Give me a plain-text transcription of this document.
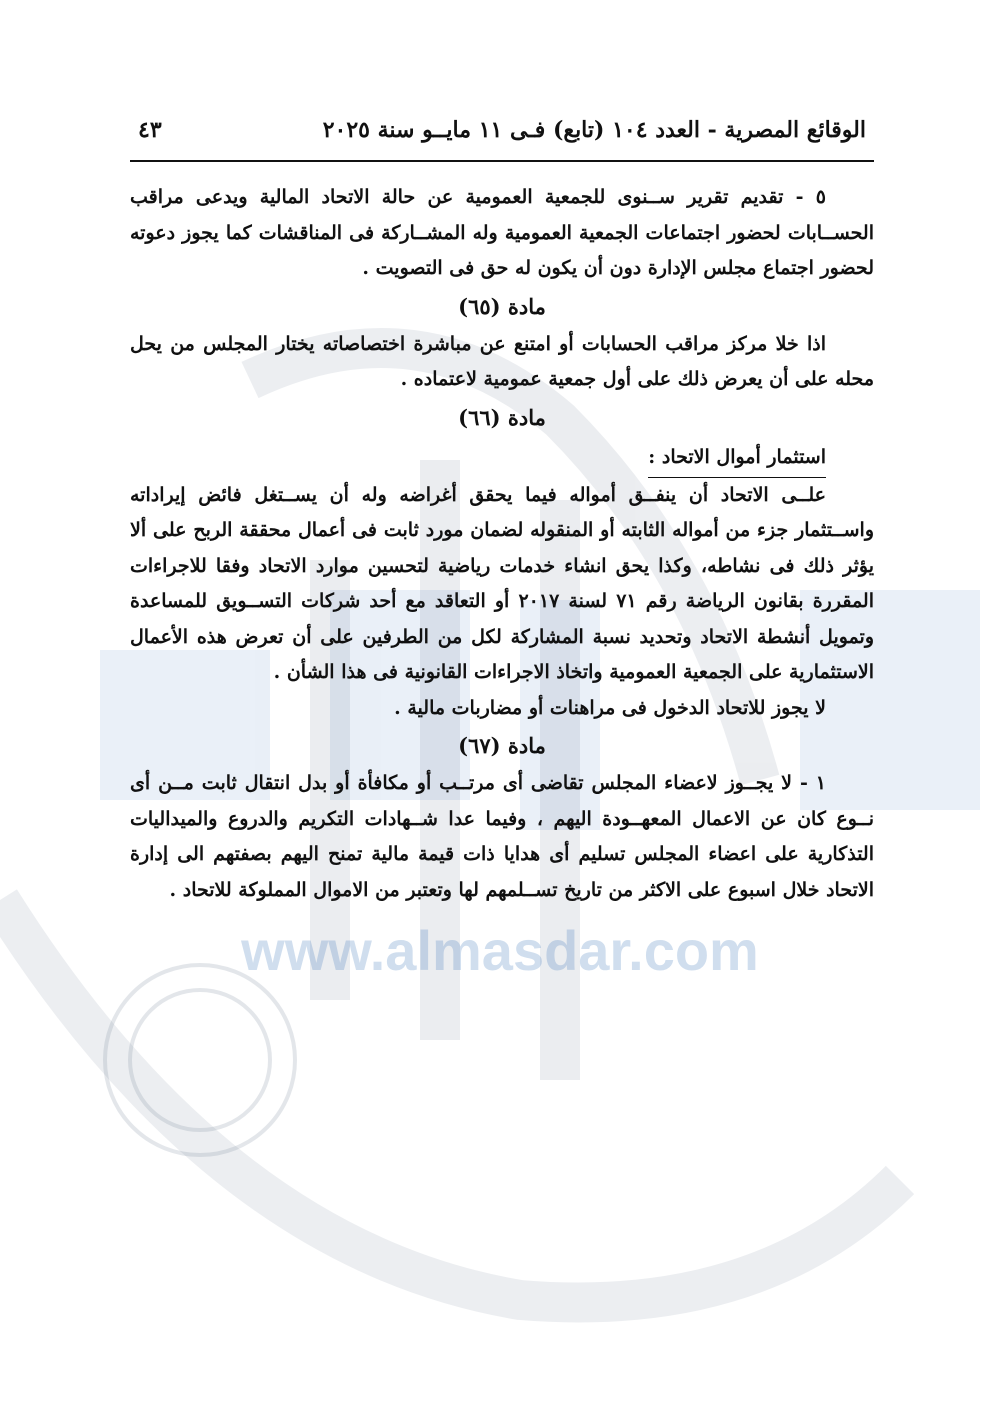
www.almasdar.com
الوقائع المصرية - العدد ١٠٤ (تابع) فـى ١١ مايــو سنة ٢٠٢٥
٤٣

٥ - تقديم تقرير ســنوى للجمعية العمومية عن حالة الاتحاد المالية ويدعى مراقب الحســابات لحضور اجتماعات الجمعية العمومية وله المشــاركة فى المناقشات كما يجوز دعوته لحضور اجتماع مجلس الإدارة دون أن يكون له حق فى التصويت .

مادة (٦٥)

اذا خلا مركز مراقب الحسابات أو امتنع عن مباشرة اختصاصاته يختار المجلس من يحل محله على أن يعرض ذلك على أول جمعية عمومية لاعتماده .

مادة (٦٦)

استثمار أموال الاتحاد :

علــى الاتحاد أن ينفــق أمواله فيما يحقق أغراضه وله أن يســتغل فائض إيراداته واســتثمار جزء من أمواله الثابته أو المنقوله لضمان مورد ثابت فى أعمال محققة الربح على ألا يؤثر ذلك فى نشاطه، وكذا يحق انشاء خدمات رياضية لتحسين موارد الاتحاد وفقا للاجراءات المقررة بقانون الرياضة رقم ٧١ لسنة ٢٠١٧ أو التعاقد مع أحد شركات التســويق للمساعدة وتمويل أنشطة الاتحاد وتحديد نسبة المشاركة لكل من الطرفين على أن تعرض هذه الأعمال الاستثمارية على الجمعية العمومية واتخاذ الاجراءات القانونية فى هذا الشأن .

لا يجوز للاتحاد الدخول فى مراهنات أو مضاربات مالية .

مادة (٦٧)

١ - لا يجــوز لاعضاء المجلس تقاضى أى مرتــب أو مكافأة أو بدل انتقال ثابت مــن أى نــوع كان عن الاعمال المعهــودة اليهم ، وفيما عدا شــهادات التكريم والدروع والميداليات التذكارية على اعضاء المجلس تسليم أى هدايا ذات قيمة مالية تمنح اليهم بصفتهم الى إدارة الاتحاد خلال اسبوع على الاكثر من تاريخ تســلمهم لها وتعتبر من الاموال المملوكة للاتحاد .
